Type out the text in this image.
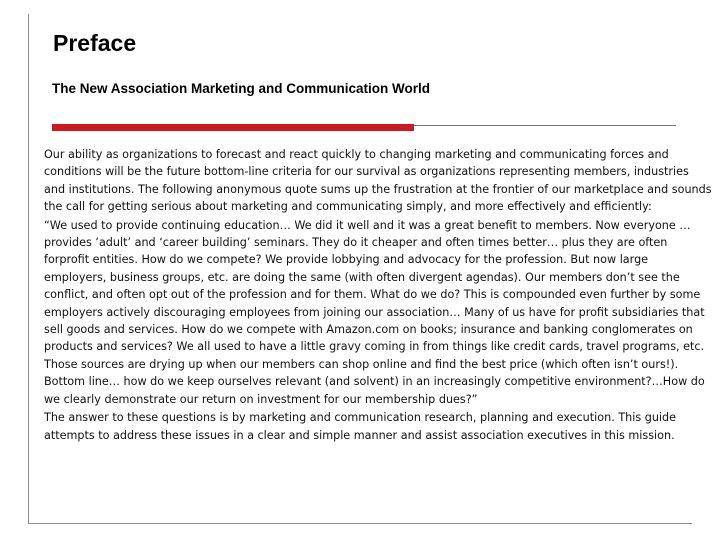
Preface
The New Association Marketing and Communication World

Our ability as organizations to forecast and react quickly to changing marketing and communicating forces and conditions will be the future bottom-line criteria for our survival as organizations representing members, industries and institutions. The following anonymous quote sums up the frustration at the frontier of our marketplace and sounds the call for getting serious about marketing and communicating simply, and more effectively and efficiently:

“We used to provide continuing education… We did it well and it was a great benefit to members. Now everyone … provides ‘adult’ and ‘career building’ seminars. They do it cheaper and often times better… plus they are often forprofit entities. How do we compete? We provide lobbying and advocacy for the profession. But now large employers, business groups, etc. are doing the same (with often divergent agendas). Our members don’t see the conflict, and often opt out of the profession and for them. What do we do? This is compounded even further by some employers actively discouraging employees from joining our association… Many of us have for profit subsidiaries that sell goods and services. How do we compete with Amazon.com on books; insurance and banking conglomerates on products and services? We all used to have a little gravy coming in from things like credit cards, travel programs, etc. Those sources are drying up when our members can shop online and find the best price (which often isn’t ours!). Bottom line… how do we keep ourselves relevant (and solvent) in an increasingly competitive environment?…How do we clearly demonstrate our return on investment for our membership dues?”

The answer to these questions is by marketing and communication research, planning and execution. This guide attempts to address these issues in a clear and simple manner and assist association executives in this mission.
